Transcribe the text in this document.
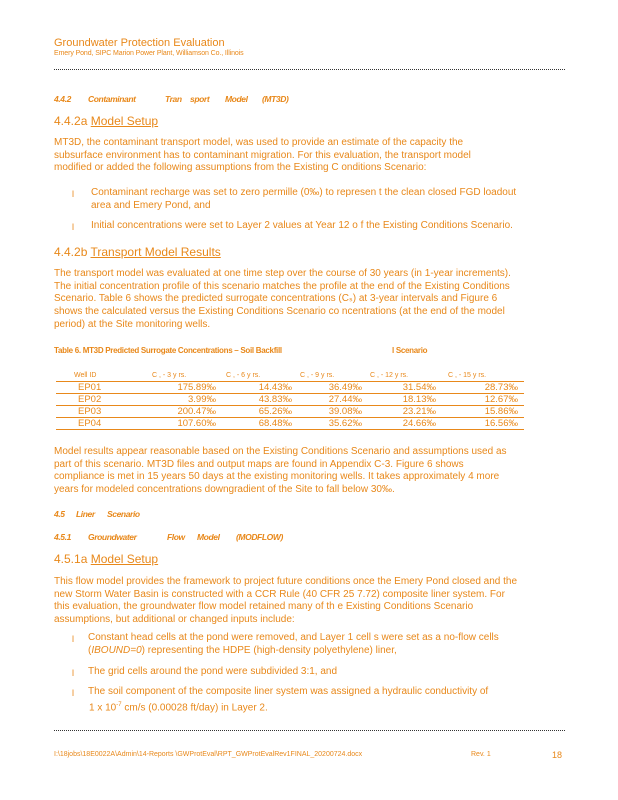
Groundwater Protection Evaluation
Emery Pond, SIPC Marion Power Plant, Williamson Co., Illinois
4.4.2 Contaminant	Tran sport Model (MT3D)
4.4.2a Model Setup
MT3D, the contaminant transport model, was used to provide an estimate of the capacity the
subsurface environment has to contaminant migration. For this evaluation, the transport model
modified or added the following assumptions from the Existing C onditions Scenario:
l Contaminant recharge was set to zero permille (0‰) to represen t the clean closed FGD loadout
area and Emery Pond, and
l Initial concentrations were set to Layer 2 values at Year 12 o f the Existing Conditions Scenario.
4.4.2b Transport Model Results
The transport model was evaluated at one time step over the course of 30 years (in 1-year increments).
The initial concentration profile of this scenario matches the profile at the end of the Existing Conditions
Scenario. Table 6 shows the predicted surrogate concentrations (Cₛ) at 3-year intervals and Figure 6
shows the calculated versus the Existing Conditions Scenario co ncentrations (at the end of the model
period) at the Site monitoring wells.
Table 6. MT3D Predicted Surrogate Concentrations – Soil Backfill	l Scenario
Well ID	C , - 3 y rs.	C , - 6 y rs.	C , - 9 y rs.	C , - 12 y rs.	C , - 15 y rs.
EP01	175.89‰	14.43‰	36.49‰	31.54‰	28.73‰
EP02	3.99‰	43.83‰	27.44‰	18.13‰	12.67‰
EP03	200.47‰	65.26‰	39.08‰	23.21‰	15.86‰
EP04	107.60‰	68.48‰	35.62‰	24.66‰	16.56‰
Model results appear reasonable based on the Existing Conditions Scenario and assumptions used as
part of this scenario. MT3D files and output maps are found in Appendix C-3. Figure 6 shows
compliance is met in 15 years 50 days at the existing monitoring wells. It takes approximately 4 more
years for modeled concentrations downgradient of the Site to fall below 30‰.
4.5 Liner Scenario
4.5.1 Groundwater	Flow Model (MODFLOW)
4.5.1a Model Setup
This flow model provides the framework to project future conditions once the Emery Pond closed and the
new Storm Water Basin is constructed with a CCR Rule (40 CFR 25 7.72) composite liner system. For
this evaluation, the groundwater flow model retained many of th e Existing Conditions Scenario
assumptions, but additional or changed inputs include:
l Constant head cells at the pond were removed, and Layer 1 cell s were set as a no-flow cells
(IBOUND=0) representing the HDPE (high-density polyethylene) liner,
l The grid cells around the pond were subdivided 3:1, and
l The soil component of the composite liner system was assigned a hydraulic conductivity of
1 x $10^{-7}$ cm/s (0.00028 ft/day) in Layer 2.
I:\18jobs\18E0022A\Admin\14-Reports \GWProtEval\RPT_GWProtEvalRev1FINAL_20200724.docx	Rev. 1	18
